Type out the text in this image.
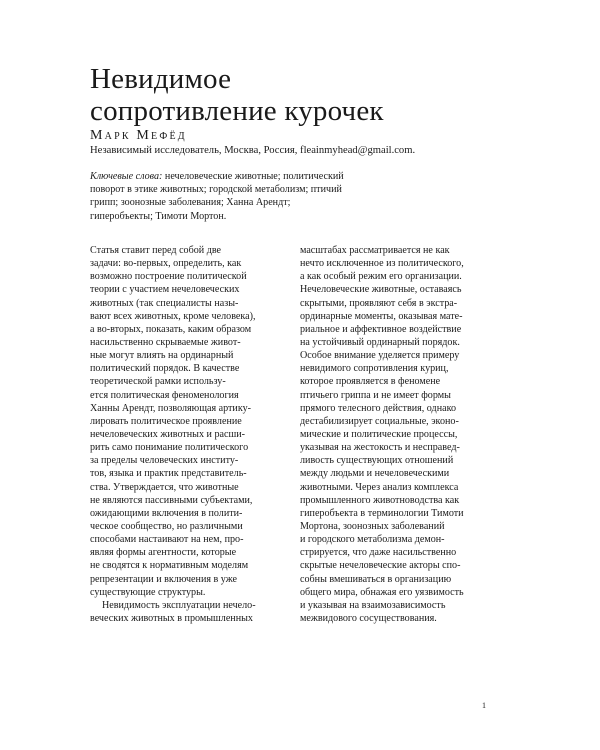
Невидимое
сопротивление курочек
Марк Мефёд
Независимый исследователь, Москва, Россия, fleainmyhead@gmail.com.
Ключевые слова: нечеловеческие животные; политический
поворот в этике животных; городской метаболизм; птичий
грипп; зоонозные заболевания; Ханна Арендт;
гиперобъекты; Тимоти Мортон.
Статья ставит перед собой две
задачи: во-первых, определить, как
возможно построение политической
теории с участием нечеловеческих
животных (так специалисты назы-
вают всех животных, кроме человека),
а во-вторых, показать, каким образом
насильственно скрываемые живот-
ные могут влиять на ординарный
политический порядок. В качестве
теоретической рамки использу-
ется политическая феноменология
Ханны Арендт, позволяющая артику-
лировать политическое проявление
нечеловеческих животных и расши-
рить само понимание политического
за пределы человеческих институ-
тов, языка и практик представитель-
ства. Утверждается, что животные
не являются пассивными субъектами,
ожидающими включения в полити-
ческое сообщество, но различными
способами настаивают на нем, про-
являя формы агентности, которые
не сводятся к нормативным моделям
репрезентации и включения в уже
существующие структуры.
Невидимость эксплуатации нечело-
веческих животных в промышленных
масштабах рассматривается не как
нечто исключенное из политического,
а как особый режим его организации.
Нечеловеческие животные, оставаясь
скрытыми, проявляют себя в экстра-
ординарные моменты, оказывая мате-
риальное и аффективное воздействие
на устойчивый ординарный порядок.
Особое внимание уделяется примеру
невидимого сопротивления куриц,
которое проявляется в феномене
птичьего гриппа и не имеет формы
прямого телесного действия, однако
дестабилизирует социальные, эконо-
мические и политические процессы,
указывая на жестокость и несправед-
ливость существующих отношений
между людьми и нечеловеческими
животными. Через анализ комплекса
промышленного животноводства как
гиперобъекта в терминологии Тимоти
Мортона, зоонозных заболеваний
и городского метаболизма демон-
стрируется, что даже насильственно
скрытые нечеловеческие акторы спо-
собны вмешиваться в организацию
общего мира, обнажая его уязвимость
и указывая на взаимозависимость
межвидового сосуществования.
1
